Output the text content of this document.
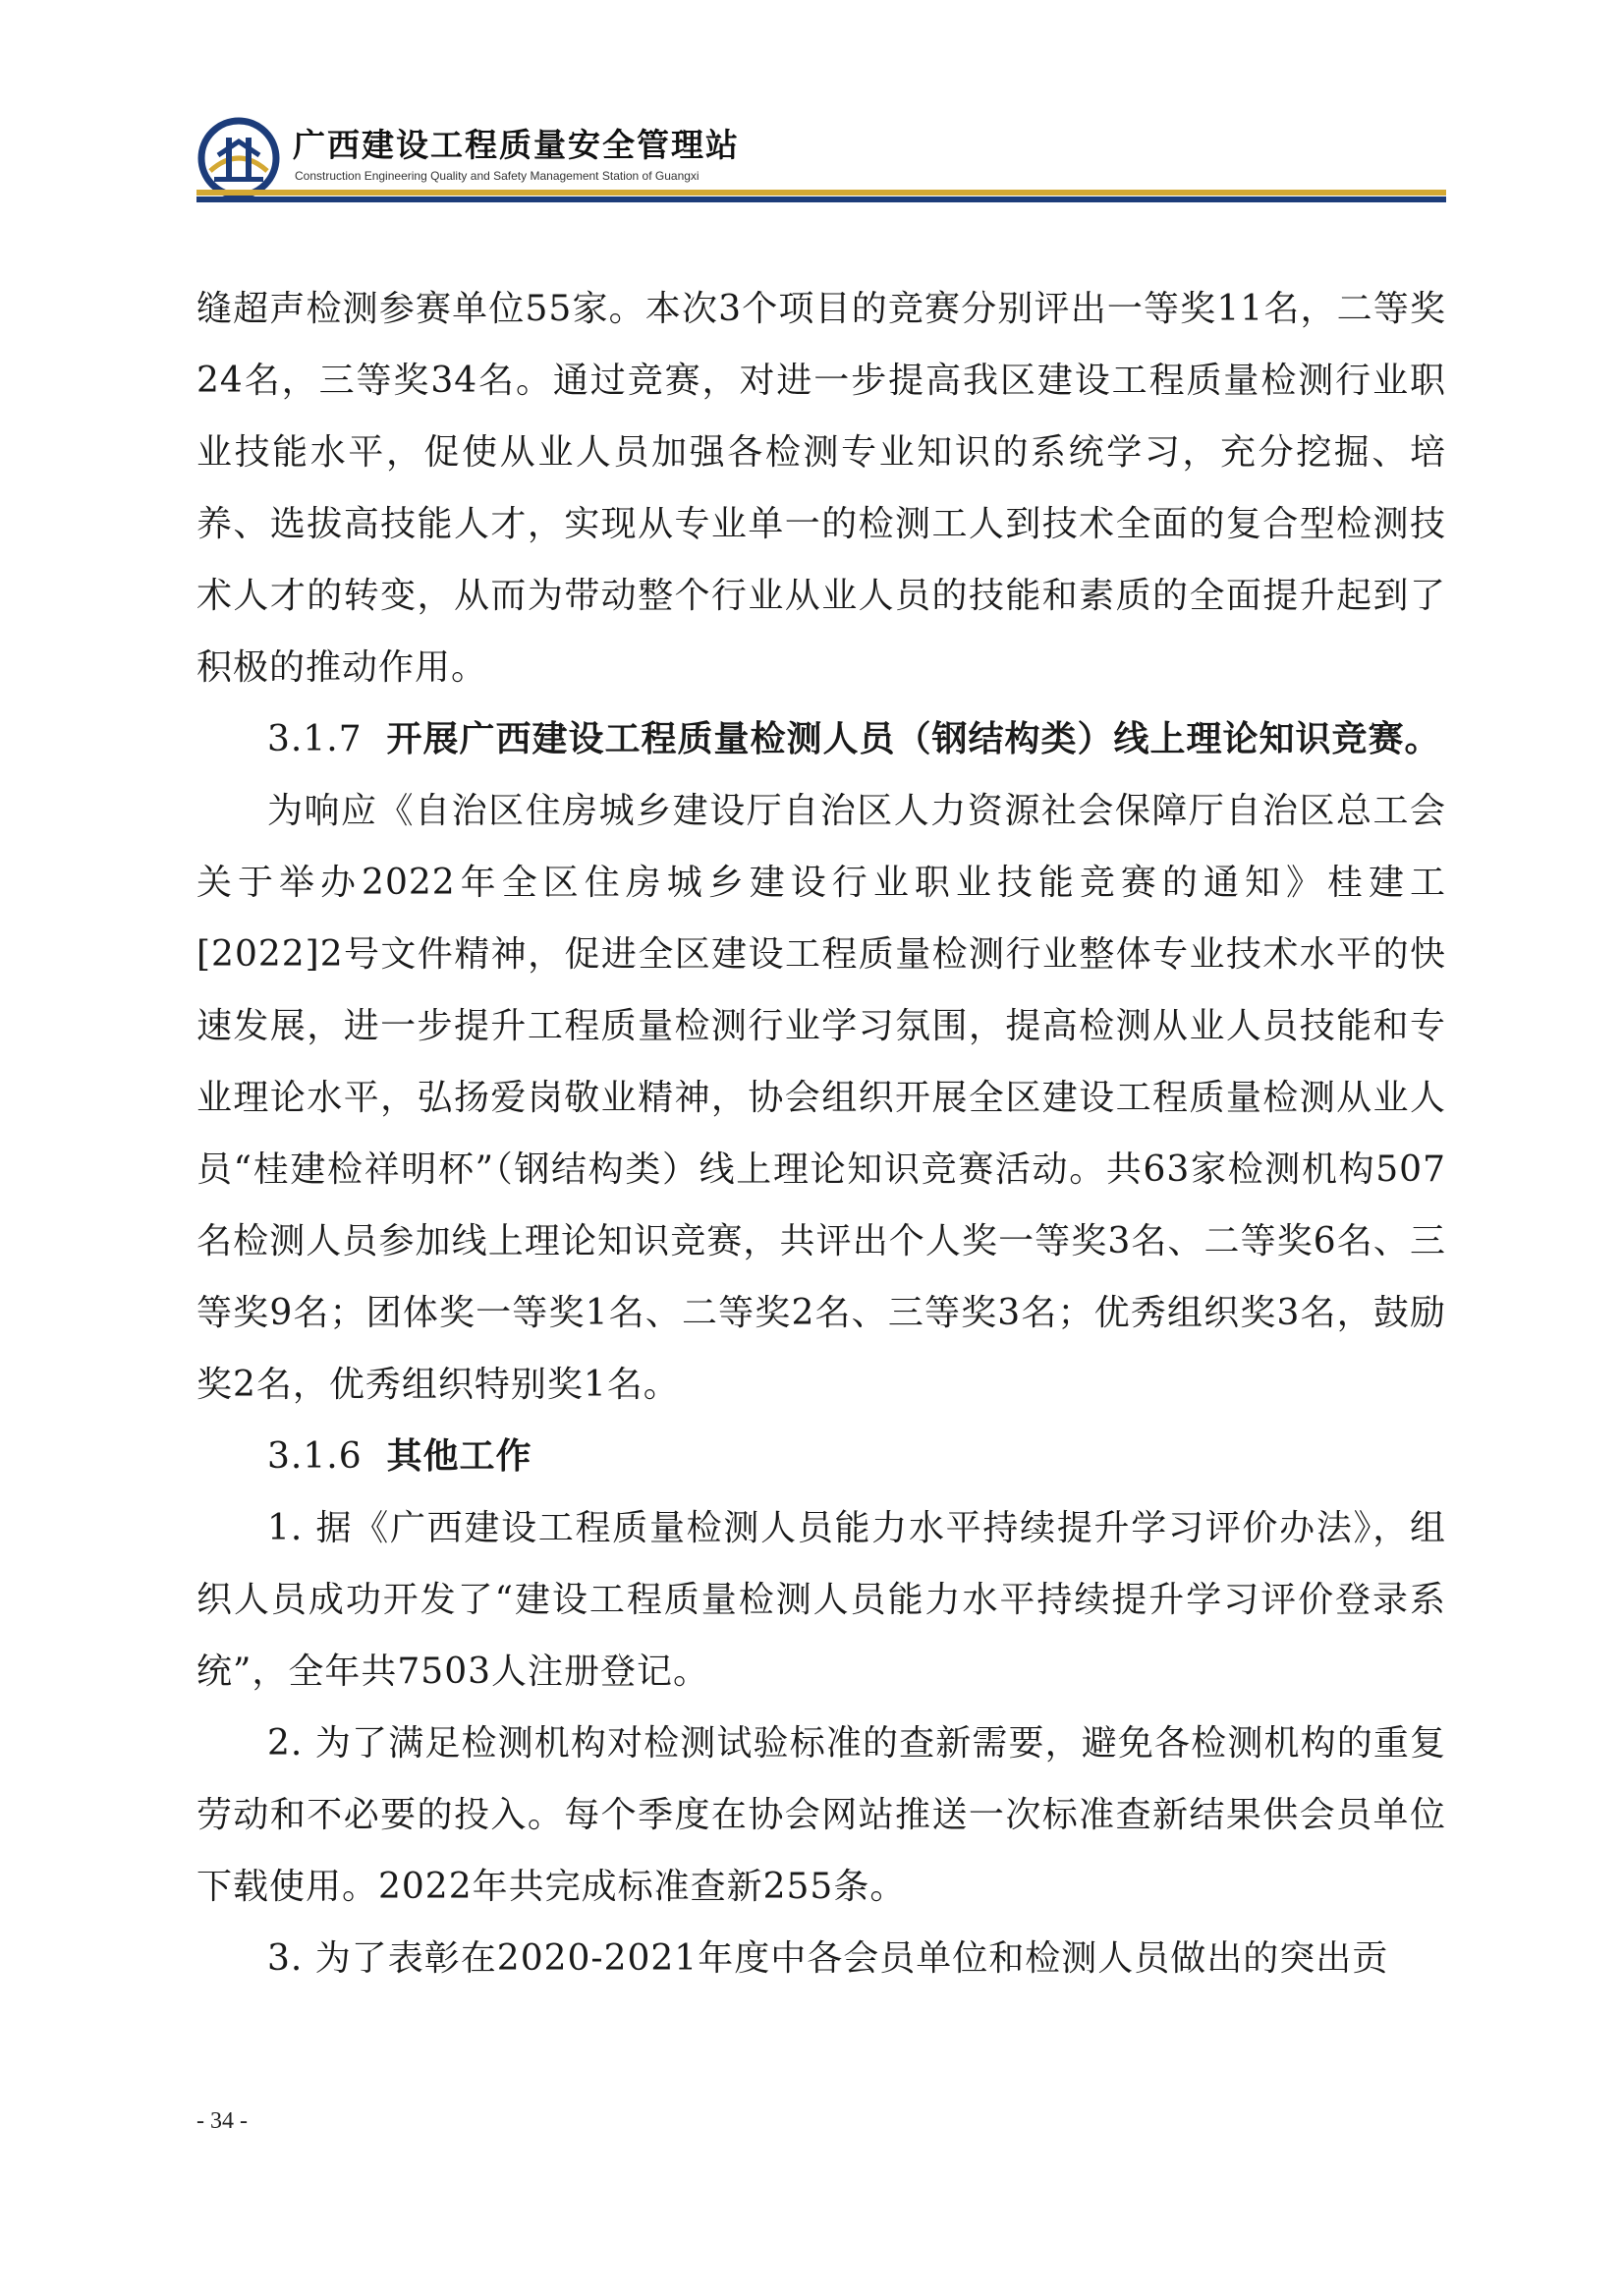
广西建设工程质量安全管理站
Construction Engineering Quality and Safety Management Station of Guangxi

缝超声检测参赛单位55家。本次3个项目的竞赛分别评出一等奖11名，二等奖24名，三等奖34名。通过竞赛，对进一步提高我区建设工程质量检测行业职业技能水平，促使从业人员加强各检测专业知识的系统学习，充分挖掘、培养、选拔高技能人才，实现从专业单一的检测工人到技术全面的复合型检测技术人才的转变，从而为带动整个行业从业人员的技能和素质的全面提升起到了积极的推动作用。

3.1.7 开展广西建设工程质量检测人员（钢结构类）线上理论知识竞赛。

为响应《自治区住房城乡建设厅自治区人力资源社会保障厅自治区总工会关于举办2022年全区住房城乡建设行业职业技能竞赛的通知》桂建工[2022]2号文件精神，促进全区建设工程质量检测行业整体专业技术水平的快速发展，进一步提升工程质量检测行业学习氛围，提高检测从业人员技能和专业理论水平，弘扬爱岗敬业精神，协会组织开展全区建设工程质量检测从业人员“桂建检祥明杯”（钢结构类）线上理论知识竞赛活动。共63家检测机构507名检测人员参加线上理论知识竞赛，共评出个人奖一等奖3名、二等奖6名、三等奖9名；团体奖一等奖1名、二等奖2名、三等奖3名；优秀组织奖3名，鼓励奖2名，优秀组织特别奖1名。

3.1.6 其他工作

1. 据《广西建设工程质量检测人员能力水平持续提升学习评价办法》，组织人员成功开发了“建设工程质量检测人员能力水平持续提升学习评价登录系统”，全年共7503人注册登记。

2. 为了满足检测机构对检测试验标准的查新需要，避免各检测机构的重复劳动和不必要的投入。每个季度在协会网站推送一次标准查新结果供会员单位下载使用。2022年共完成标准查新255条。

3. 为了表彰在2020-2021年度中各会员单位和检测人员做出的突出贡

- 34 -
